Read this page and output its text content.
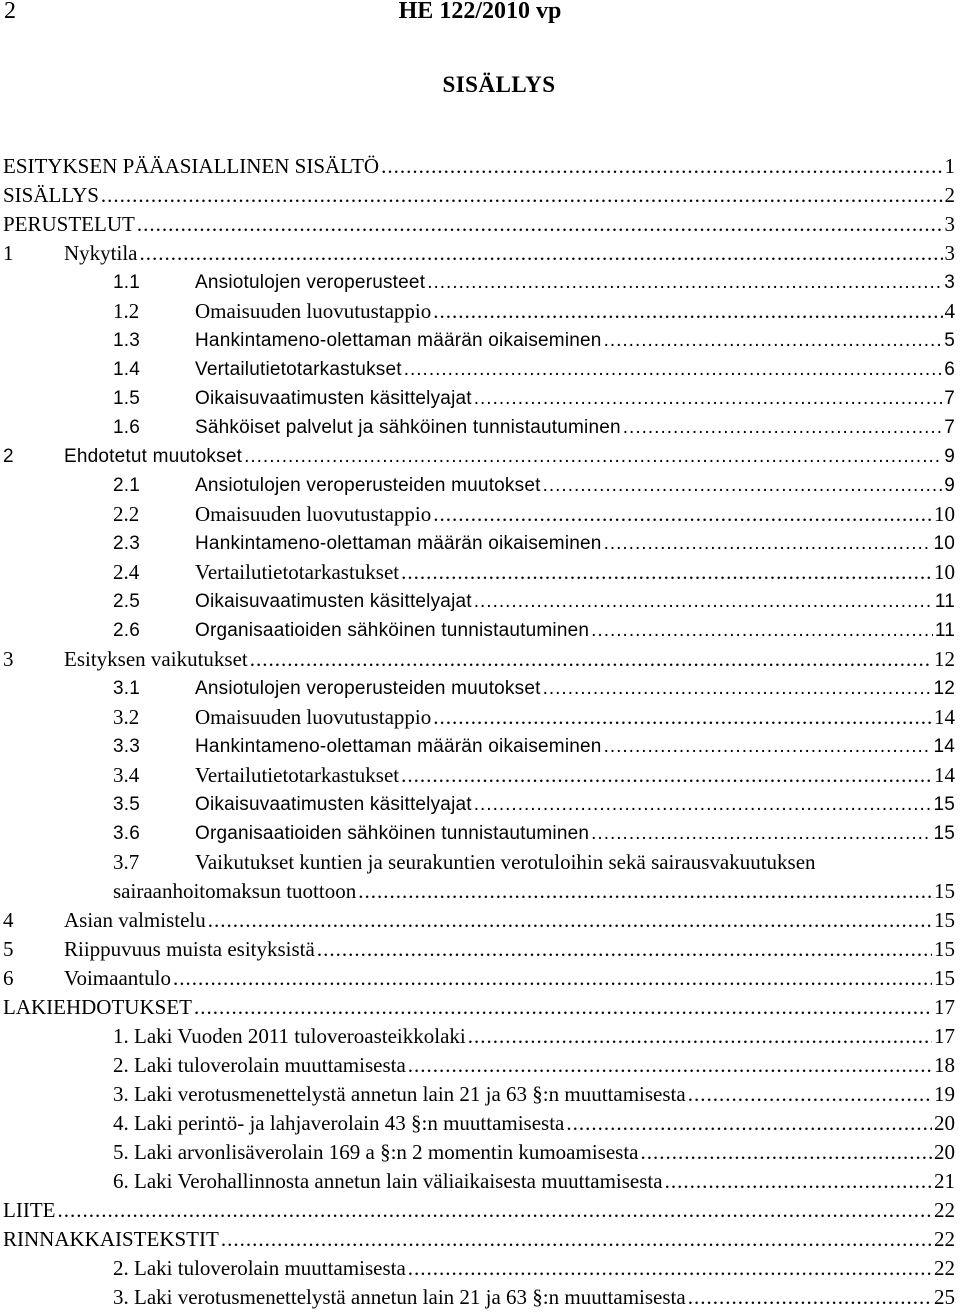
2	HE 122/2010 vp
SISÄLLYS
ESITYKSEN PÄÄASIALLINEN SISÄLTÖ .....	1
SISÄLLYS .....	2
PERUSTELUT .....	3
1	Nykytila .....	3
1.1	Ansiotulojen veroperusteet .....	3
1.2	Omaisuuden luovutustappio .....	4
1.3	Hankintameno-olettaman määrän oikaiseminen .....	5
1.4	Vertailutietotarkastukset .....	6
1.5	Oikaisuvaatimusten käsittelyajat .....	7
1.6	Sähköiset palvelut ja sähköinen tunnistautuminen .....	7
2	Ehdotetut muutokset .....	9
2.1	Ansiotulojen veroperusteiden muutokset .....	9
2.2	Omaisuuden luovutustappio .....	10
2.3	Hankintameno-olettaman määrän oikaiseminen .....	10
2.4	Vertailutietotarkastukset .....	10
2.5	Oikaisuvaatimusten käsittelyajat .....	11
2.6	Organisaatioiden sähköinen tunnistautuminen .....	11
3	Esityksen vaikutukset .....	12
3.1	Ansiotulojen veroperusteiden muutokset .....	12
3.2	Omaisuuden luovutustappio .....	14
3.3	Hankintameno-olettaman määrän oikaiseminen .....	14
3.4	Vertailutietotarkastukset .....	14
3.5	Oikaisuvaatimusten käsittelyajat .....	15
3.6	Organisaatioiden sähköinen tunnistautuminen .....	15
3.7	Vaikutukset kuntien ja seurakuntien verotuloihin sekä sairausvakuutuksen
sairaanhoitomaksun tuottoon .....	15
4	Asian valmistelu .....	15
5	Riippuvuus muista esityksistä .....	15
6	Voimaantulo .....	15
LAKIEHDOTUKSET .....	17
1. Laki Vuoden 2011 tuloveroasteikkolaki .....	17
2. Laki tuloverolain muuttamisesta .....	18
3. Laki verotusmenettelystä annetun lain 21 ja 63 §:n muuttamisesta .....	19
4. Laki perintö- ja lahjaverolain 43 §:n muuttamisesta .....	20
5. Laki arvonlisäverolain 169 a §:n 2 momentin kumoamisesta .....	20
6. Laki Verohallinnosta annetun lain väliaikaisesta muuttamisesta .....	21
LIITE .....	22
RINNAKKAISTEKSTIT .....	22
2. Laki tuloverolain muuttamisesta .....	22
3. Laki verotusmenettelystä annetun lain 21 ja 63 §:n muuttamisesta .....	25
